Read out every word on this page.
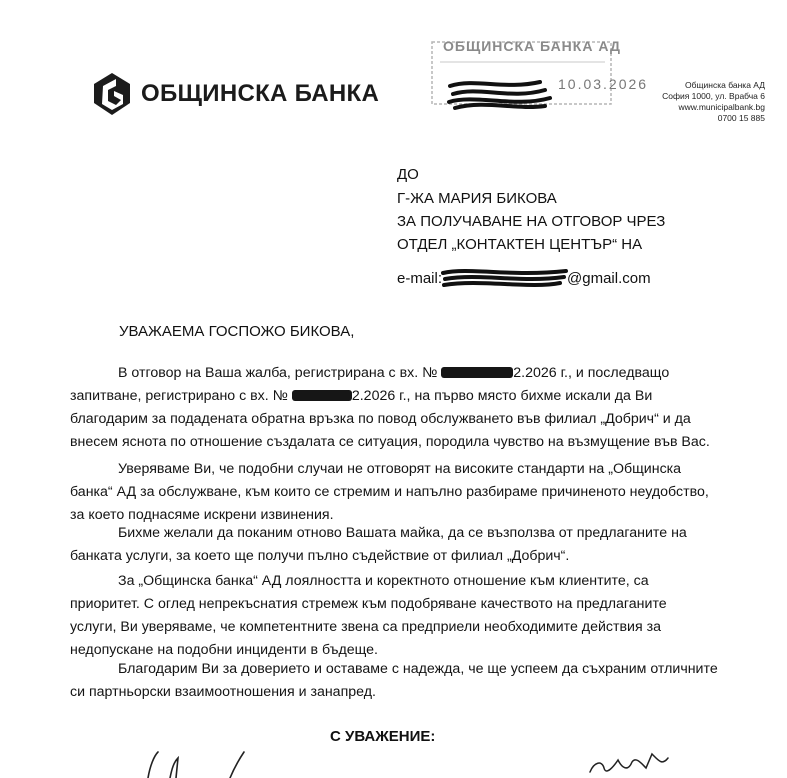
ОБЩИНСКА БАНКА
ОБЩИНСКА БАНКА АД
10.03.2026	Общинска банка АД
София 1000, ул. Врабча 6
www.municipalbank.bg
0700 15 885
ДО
Г-ЖА МАРИЯ БИКОВА
ЗА ПОЛУЧАВАНЕ НА ОТГОВОР ЧРЕЗ
ОТДЕЛ „КОНТАКТЕН ЦЕНТЪР“ НА
e-mail:	@gmail.com
УВАЖАЕМА ГОСПОЖО БИКОВА,
В отговор на Ваша жалба, регистрирана с вх. №	2.2026 г., и последващо
запитване, регистрирано с вх. №	2.2026 г., на първо място бихме искали да Ви
благодарим за подадената обратна връзка по повод обслужването във филиал „Добрич“ и да
внесем яснота по отношение създалата се ситуация, породила чувство на възмущение във Вас.
Уверяваме Ви, че подобни случаи не отговорят на високите стандарти на „Общинска
банка“ АД за обслужване, към които се стремим и напълно разбираме причиненото неудобство,
за което поднасяме искрени извинения.
Бихме желали да поканим отново Вашата майка, да се възползва от предлаганите на
банката услуги, за което ще получи пълно съдействие от филиал „Добрич“.
За „Общинска банка“ АД лоялността и коректното отношение към клиентите, са
приоритет. С оглед непрекъснатия стремеж към подобряване качеството на предлаганите
услуги, Ви уверяваме, че компетентните звена са предприели необходимите действия за
недопускане на подобни инциденти в бъдеще.
Благодарим Ви за доверието и оставаме с надежда, че ще успеем да съхраним отличните
си партньорски взаимоотношения и занапред.
С УВАЖЕНИЕ:
